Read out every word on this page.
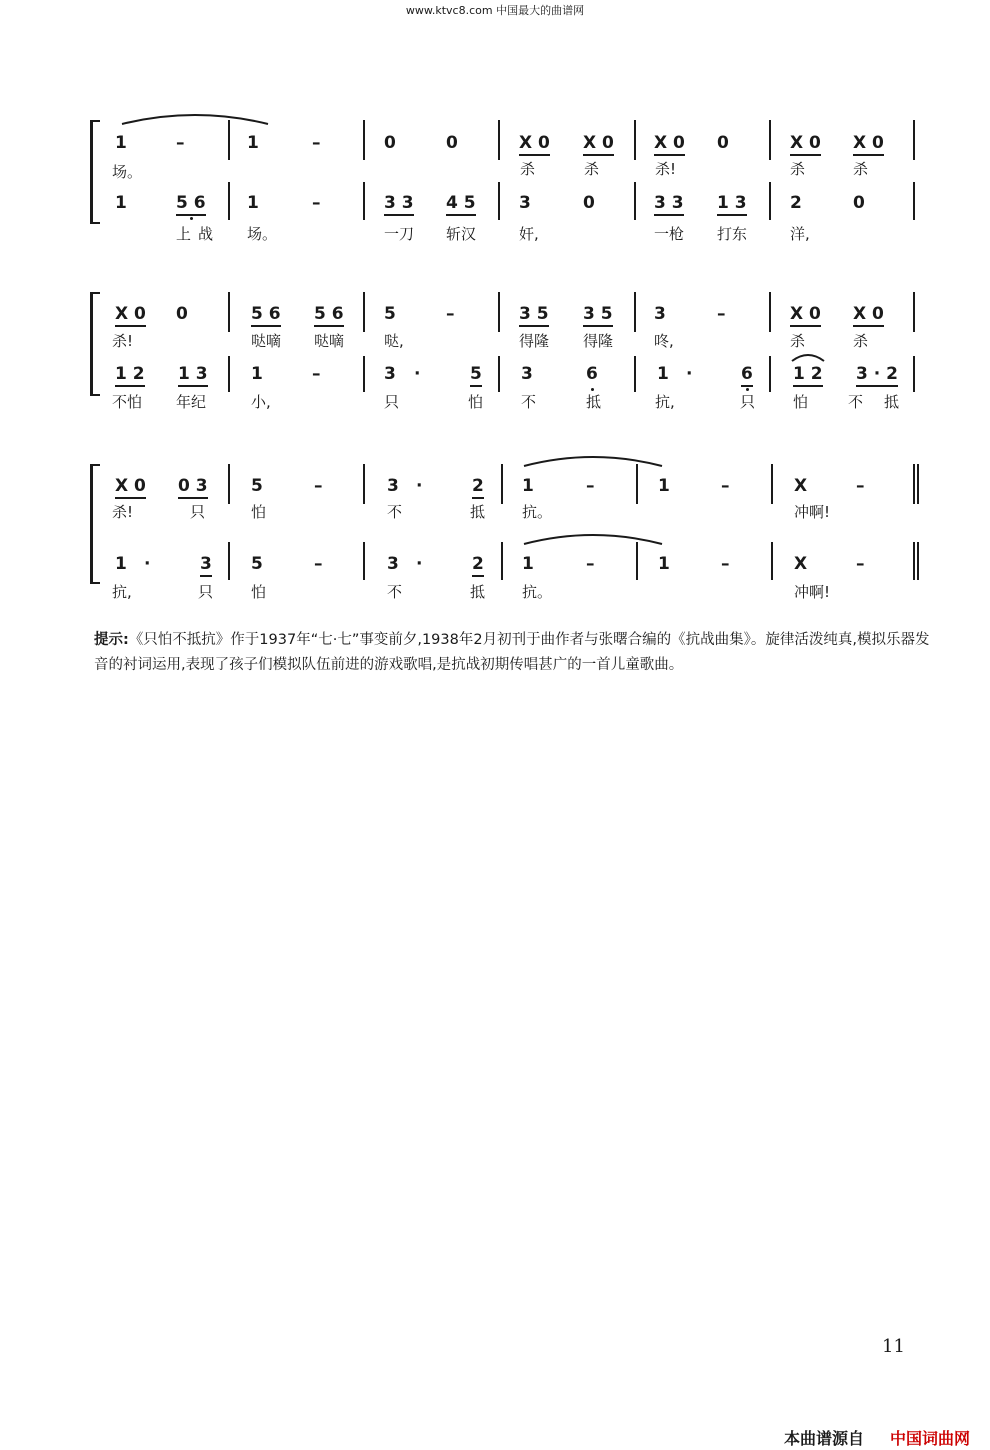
www.ktvc8.com 中国最大的曲谱网
1	–	1	–	0	0	X 0 X 0 X 0 0	X 0 X 0
场。	杀	杀	杀!	杀	杀
1	5 6 1	–	3 3 4 5	3	0	3 3 1 3	2	0
上 战 场。	一刀 斩汉	奸,	一枪 打东	洋,
X 0 0	5 6 5 6 5	–	3 5 3 5 3	–	X 0 X 0
杀!	哒嘀 哒嘀	哒,	得隆 得隆	咚,	杀	杀
1 2 1 3	1	–	3 ·	5 3	6	1 ·	6 1 2 3 · 2
不怕 年纪	小,	只	怕	不	抵	抗,	只	怕	不 抵
X 0 0 3	5	–	3 ·	2 1	–	1	–	X	–
杀!	只	怕	不	抵 抗。	冲啊!
1 ·	3 5	–	3 ·	2 1	–	1	–	X	–
抗,	只	怕	不	抵 抗。	冲啊!
提示:《只怕不抵抗》作于1937年“七·七”事变前夕,1938年2月初刊于曲作者与张曙合编的《抗战曲集》。旋律活泼纯真,模拟乐器发音的衬词运用,表现了孩子们模拟队伍前进的游戏歌唱,是抗战初期传唱甚广的一首儿童歌曲。
11
本曲谱源自 中国词曲网
